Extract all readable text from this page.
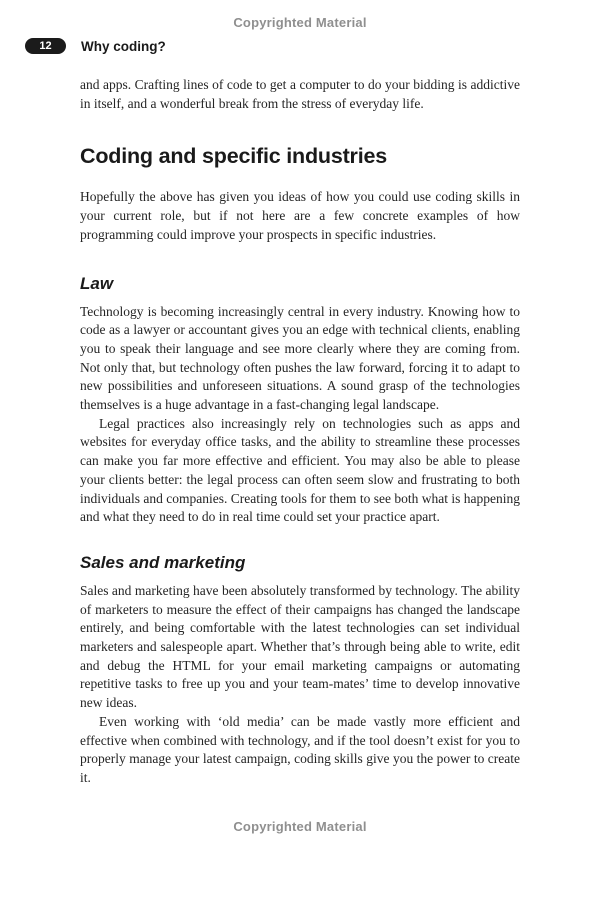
Copyrighted Material
12	Why coding?

and apps. Crafting lines of code to get a computer to do your bidding is addictive in itself, and a wonderful break from the stress of everyday life.

Coding and specific industries

Hopefully the above has given you ideas of how you could use coding skills in your current role, but if not here are a few concrete examples of how programming could improve your prospects in specific industries.

Law

Technology is becoming increasingly central in every industry. Knowing how to code as a lawyer or accountant gives you an edge with technical clients, enabling you to speak their language and see more clearly where they are coming from. Not only that, but technology often pushes the law forward, forcing it to adapt to new possibilities and unforeseen situations. A sound grasp of the technologies themselves is a huge advantage in a fast-changing legal landscape.

Legal practices also increasingly rely on technologies such as apps and websites for everyday office tasks, and the ability to streamline these processes can make you far more effective and efficient. You may also be able to please your clients better: the legal process can often seem slow and frustrating to both individuals and companies. Creating tools for them to see both what is happening and what they need to do in real time could set your practice apart.

Sales and marketing

Sales and marketing have been absolutely transformed by technology. The ability of marketers to measure the effect of their campaigns has changed the landscape entirely, and being comfortable with the latest technologies can set individual marketers and salespeople apart. Whether that’s through being able to write, edit and debug the HTML for your email marketing campaigns or automating repetitive tasks to free up you and your team-mates’ time to develop innovative new ideas.

Even working with ‘old media’ can be made vastly more efficient and effective when combined with technology, and if the tool doesn’t exist for you to properly manage your latest campaign, coding skills give you the power to create it.

Copyrighted Material
